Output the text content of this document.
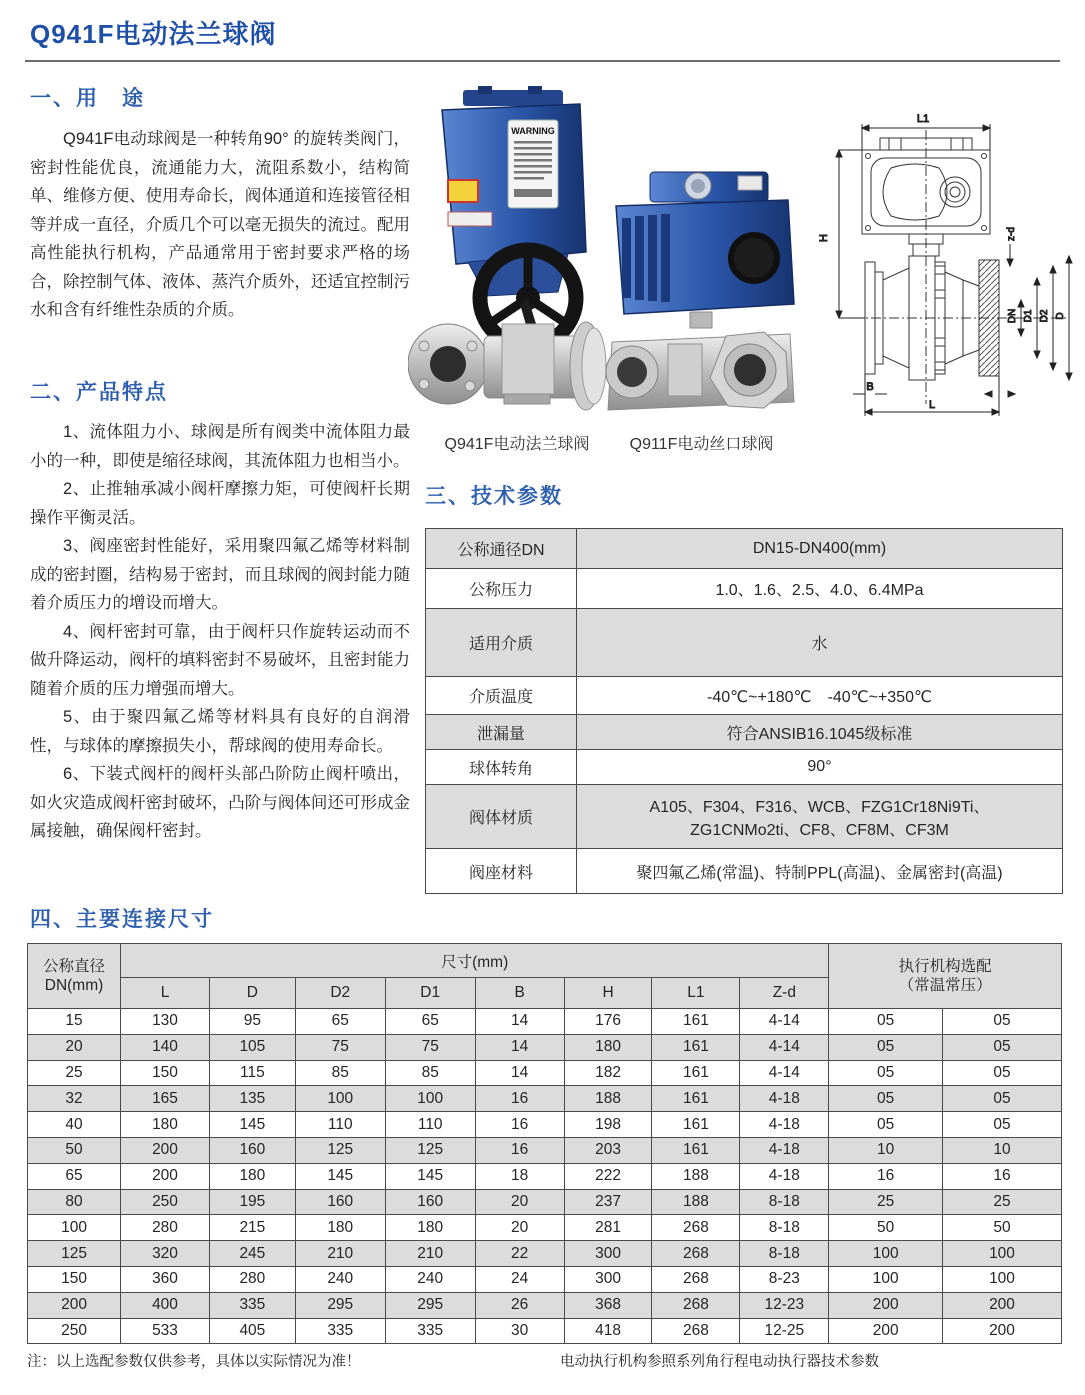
Q941F电动法兰球阀
一、用　途

Q941F电动球阀是一种转角90° 的旋转类阀门，密封性能优良，流通能力大，流阻系数小，结构简单、维修方便、使用寿命长，阀体通道和连接管径相等并成一直径，介质几个可以毫无损失的流过。配用高性能执行机构，产品通常用于密封要求严格的场合，除控制气体、液体、蒸汽介质外，还适宜控制污水和含有纤维性杂质的介质。

二、产品特点

1、流体阻力小、球阀是所有阀类中流体阻力最小的一种，即使是缩径球阀，其流体阻力也相当小。

2、止推轴承减小阀杆摩擦力矩，可使阀杆长期操作平衡灵活。

3、阀座密封性能好，采用聚四氟乙烯等材料制成的密封圈，结构易于密封，而且球阀的阀封能力随着介质压力的增设而增大。

4、阀杆密封可靠，由于阀杆只作旋转运动而不做升降运动，阀杆的填料密封不易破坏，且密封能力随着介质的压力增强而增大。

5、由于聚四氟乙烯等材料具有良好的自润滑性，与球体的摩擦损失小，帮球阀的使用寿命长。

6、下装式阀杆的阀杆头部凸阶防止阀杆喷出，如火灾造成阀杆密封破坏，凸阶与阀体间还可形成金属接触，确保阀杆密封。

WARNING
L1
H	z-d
DN D1 D2 D
B
L
Q941F电动法兰球阀	Q911F电动丝口球阀
三、技术参数
公称通径DN	DN15-DN400(mm)
公称压力	1.0、1.6、2.5、4.0、6.4MPa
适用介质	水
介质温度	-40℃~+180℃　-40℃~+350℃
泄漏量	符合ANSIB16.1045级标准
球体转角	90°
阀体材质	A105、F304、F316、WCB、FZG1Cr18Ni9Ti、ZG1CNMo2ti、CF8、CF8M、CF3M
阀座材料	聚四氟乙烯(常温)、特制PPL(高温)、金属密封(高温)
四、主要连接尺寸
公称直径
DN(mm)
	尺寸(mm)	执行机构选配
（常温常压）

	L	D	D2	D1	B	H	L1	Z-d		
15	130	95	65	65	14	176	161	4-14	05	05
20	140	105	75	75	14	180	161	4-14	05	05
25	150	115	85	85	14	182	161	4-14	05	05
32	165	135	100	100	16	188	161	4-18	05	05
40	180	145	110	110	16	198	161	4-18	05	05
50	200	160	125	125	16	203	161	4-18	10	10
65	200	180	145	145	18	222	188	4-18	16	16
80	250	195	160	160	20	237	188	8-18	25	25
100	280	215	180	180	20	281	268	8-18	50	50
125	320	245	210	210	22	300	268	8-18	100	100
150	360	280	240	240	24	300	268	8-23	100	100
200	400	335	295	295	26	368	268	12-23	200	200
250	533	405	335	335	30	418	268	12-25	200	200
注：以上选配参数仅供参考，具体以实际情况为准！	电动执行机构参照系列角行程电动执行器技术参数
